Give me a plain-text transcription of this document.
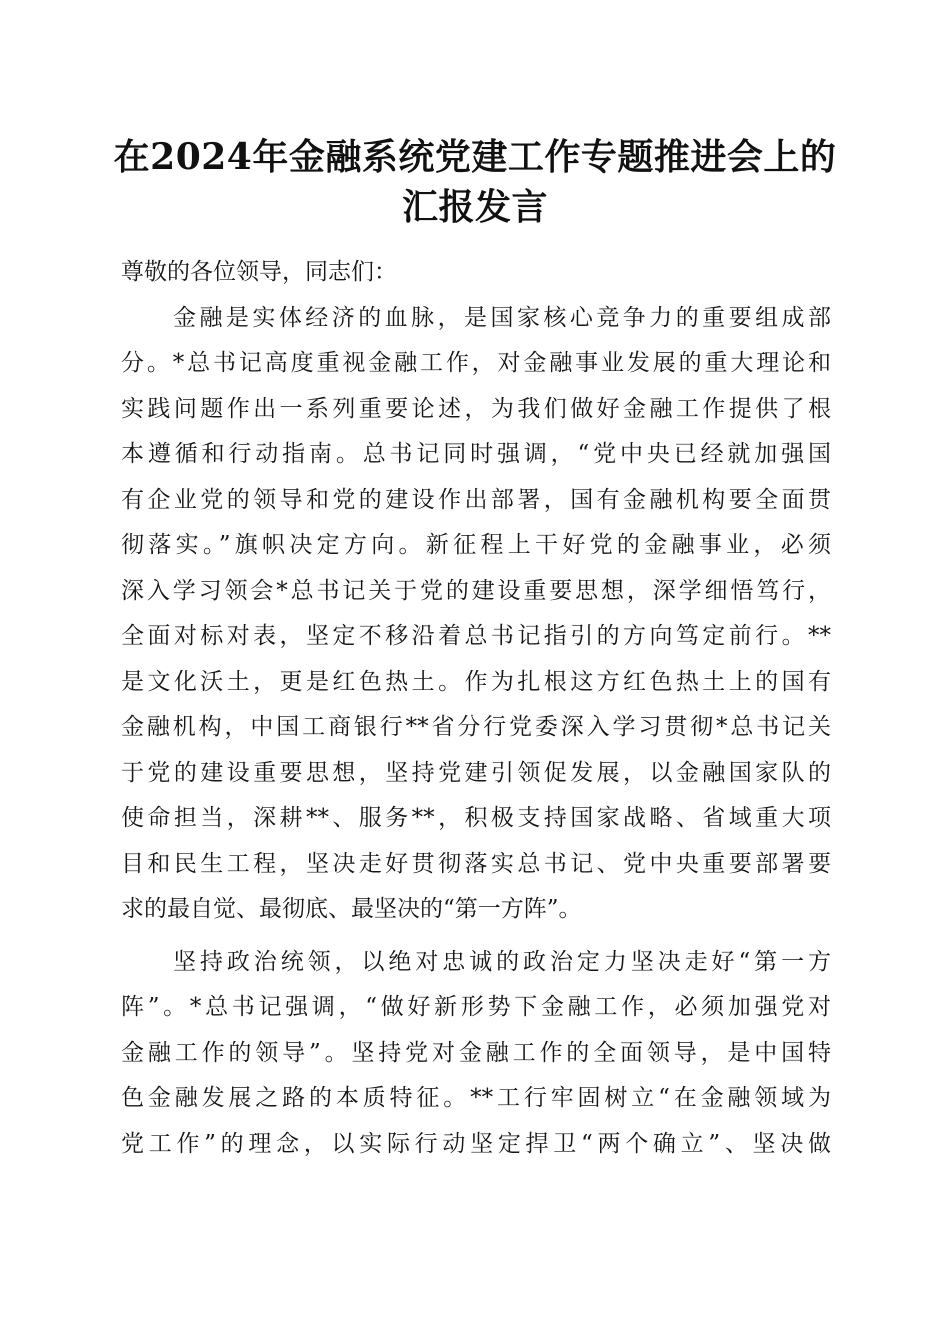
在2024年金融系统党建工作专题推进会上的
汇报发言
尊敬的各位领导，同志们：
金融是实体经济的血脉，是国家核心竞争力的重要组成部
分。*总书记高度重视金融工作，对金融事业发展的重大理论和
实践问题作出一系列重要论述，为我们做好金融工作提供了根
本遵循和行动指南。总书记同时强调，“党中央已经就加强国
有企业党的领导和党的建设作出部署，国有金融机构要全面贯
彻落实。”旗帜决定方向。新征程上干好党的金融事业，必须
深入学习领会*总书记关于党的建设重要思想，深学细悟笃行，
全面对标对表，坚定不移沿着总书记指引的方向笃定前行。**
是文化沃土，更是红色热土。作为扎根这方红色热土上的国有
金融机构，中国工商银行**省分行党委深入学习贯彻*总书记关
于党的建设重要思想，坚持党建引领促发展，以金融国家队的
使命担当，深耕**、服务**，积极支持国家战略、省域重大项
目和民生工程，坚决走好贯彻落实总书记、党中央重要部署要
求的最自觉、最彻底、最坚决的“第一方阵”。
坚持政治统领，以绝对忠诚的政治定力坚决走好“第一方
阵”。*总书记强调，“做好新形势下金融工作，必须加强党对
金融工作的领导”。坚持党对金融工作的全面领导，是中国特
色金融发展之路的本质特征。**工行牢固树立“在金融领域为
党工作”的理念，以实际行动坚定捍卫“两个确立”、坚决做
